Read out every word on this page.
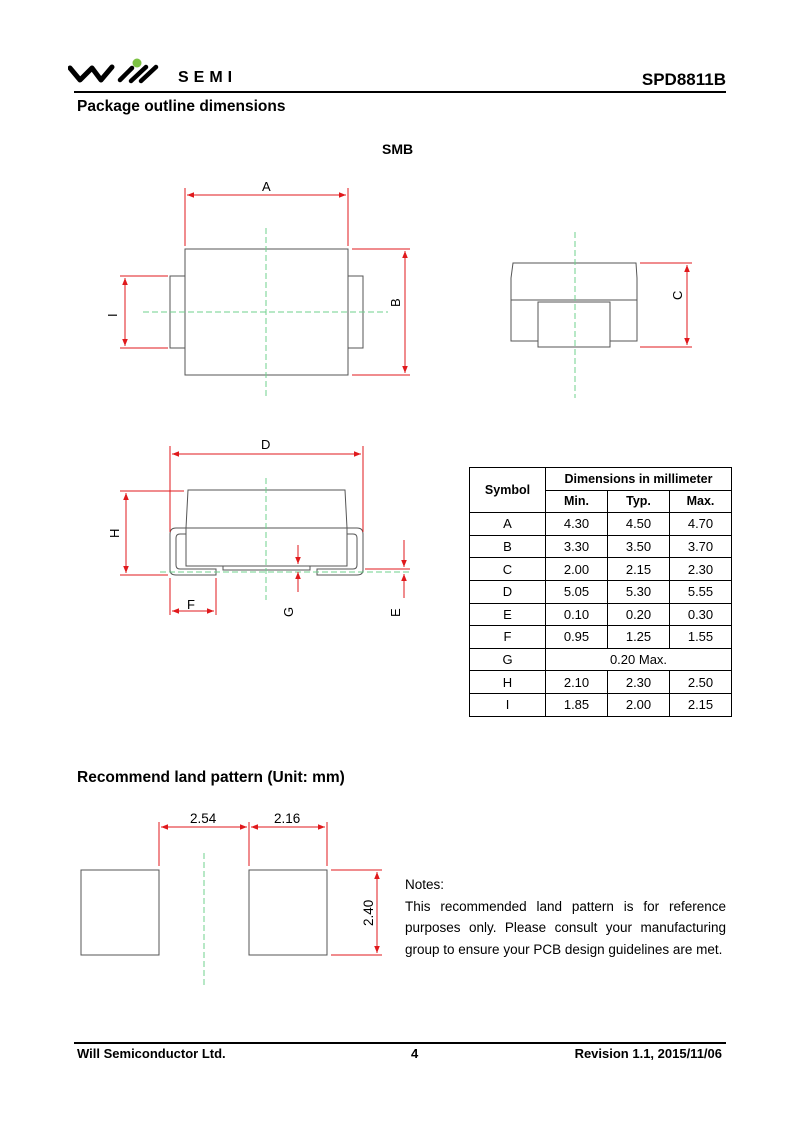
SEMI	SPD8811B
Package outline dimensions
SMB
A
B
I
C
D
H
F	G	E
Symbol	Dimensions in millimeter		
	Min.	Typ.	Max.
A	4.30	4.50	4.70
B	3.30	3.50	3.70
C	2.00	2.15	2.30
D	5.05	5.30	5.55
E	0.10	0.20	0.30
F	0.95	1.25	1.55
G	0.20 Max.		
H	2.10	2.30	2.50
I	1.85	2.00	2.15
Recommend land pattern (Unit: mm)
2.54	2.16
2.40
Notes:
This recommended land pattern is for reference purposes only. Please consult your manufacturing group to ensure your PCB design guidelines are met.
Will Semiconductor Ltd.	4	Revision 1.1, 2015/11/06
